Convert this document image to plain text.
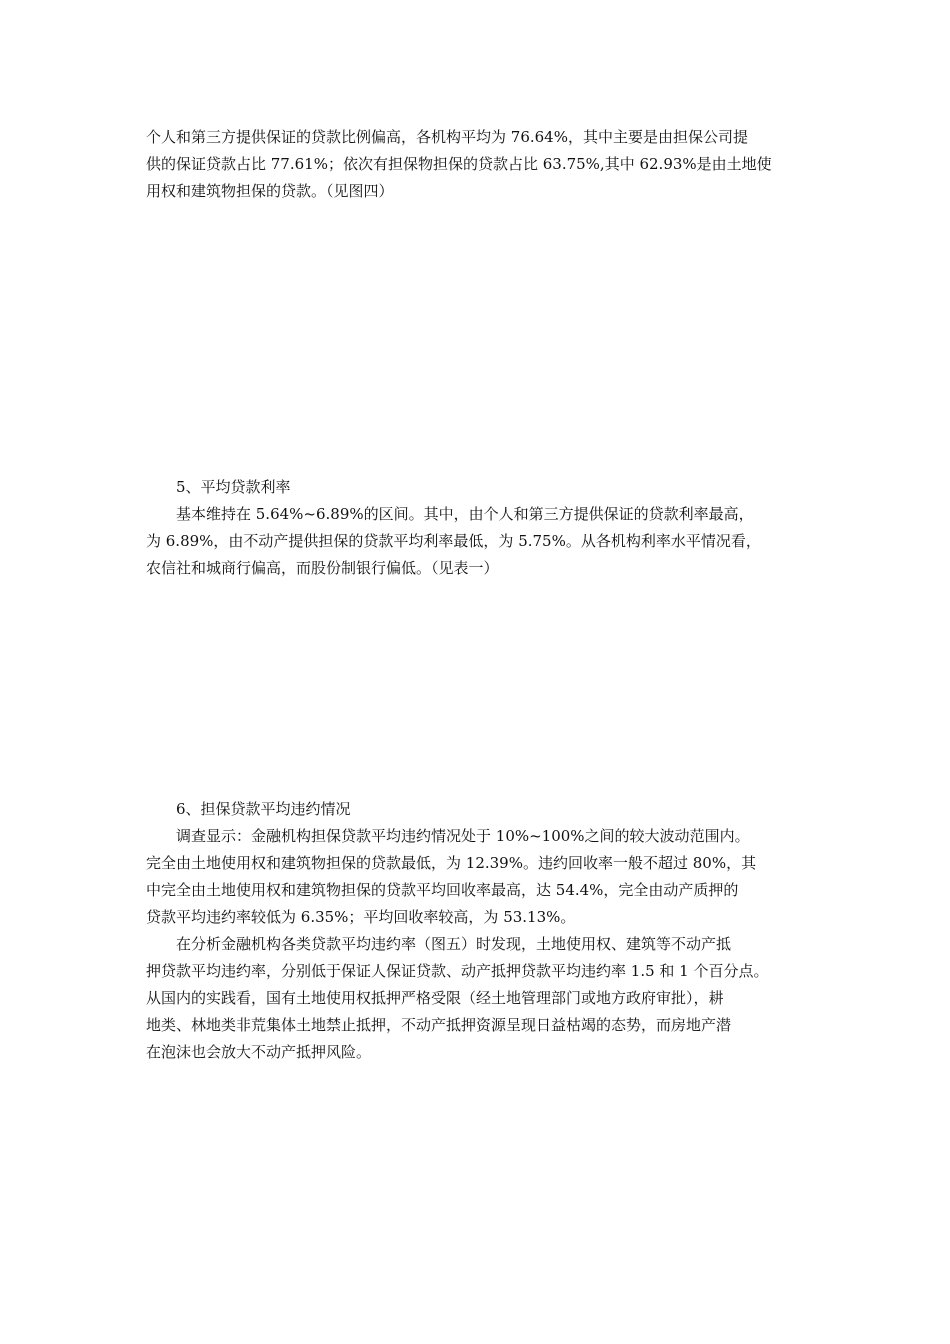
个人和第三方提供保证的贷款比例偏高，各机构平均为 76.64%，其中主要是由担保公司提
供的保证贷款占比 77.61%；依次有担保物担保的贷款占比 63.75%,其中 62.93%是由土地使
用权和建筑物担保的贷款。（见图四）
5、平均贷款利率
基本维持在 5.64%~6.89%的区间。其中，由个人和第三方提供保证的贷款利率最高，
为 6.89%，由不动产提供担保的贷款平均利率最低，为 5.75%。从各机构利率水平情况看，
农信社和城商行偏高，而股份制银行偏低。（见表一）
6、担保贷款平均违约情况
调查显示：金融机构担保贷款平均违约情况处于 10%~100%之间的较大波动范围内。
完全由土地使用权和建筑物担保的贷款最低，为 12.39%。违约回收率一般不超过 80%，其
中完全由土地使用权和建筑物担保的贷款平均回收率最高，达 54.4%，完全由动产质押的
贷款平均违约率较低为 6.35%；平均回收率较高，为 53.13%。
在分析金融机构各类贷款平均违约率（图五）时发现，土地使用权、建筑等不动产抵
押贷款平均违约率，分别低于保证人保证贷款、动产抵押贷款平均违约率 1.5 和 1 个百分点。
从国内的实践看，国有土地使用权抵押严格受限（经土地管理部门或地方政府审批），耕
地类、林地类非荒集体土地禁止抵押，不动产抵押资源呈现日益枯竭的态势，而房地产潜
在泡沫也会放大不动产抵押风险。
